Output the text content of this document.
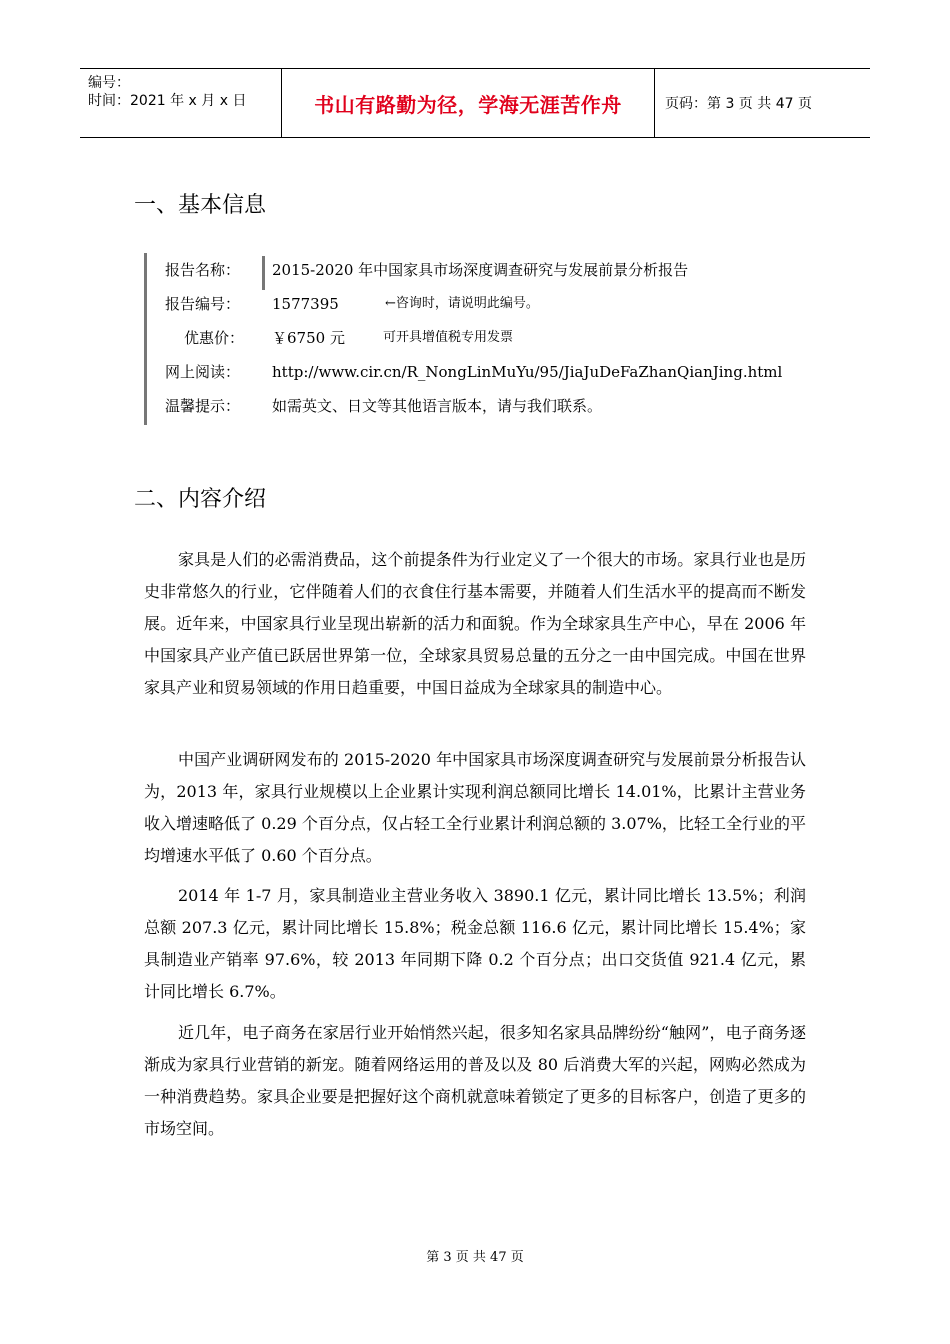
编号：
时间：2021 年 x 月 x 日	书山有路勤为径，学海无涯苦作舟	页码：第 3 页 共 47 页
一、基本信息
报告名称：	2015-2020 年中国家具市场深度调查研究与发展前景分析报告
报告编号：	1577395	←咨询时，请说明此编号。
优惠价：	￥6750 元	可开具增值税专用发票
网上阅读：	http://www.cir.cn/R_NongLinMuYu/95/JiaJuDeFaZhanQianJing.html
温馨提示：	如需英文、日文等其他语言版本，请与我们联系。
二、内容介绍

家具是人们的必需消费品，这个前提条件为行业定义了一个很大的市场。家具行业也是历史非常悠久的行业，它伴随着人们的衣食住行基本需要，并随着人们生活水平的提高而不断发展。近年来，中国家具行业呈现出崭新的活力和面貌。作为全球家具生产中心，早在 2006 年中国家具产业产值已跃居世界第一位，全球家具贸易总量的五分之一由中国完成。中国在世界家具产业和贸易领域的作用日趋重要，中国日益成为全球家具的制造中心。

中国产业调研网发布的 2015-2020 年中国家具市场深度调查研究与发展前景分析报告认为，2013 年，家具行业规模以上企业累计实现利润总额同比增长 14.01%，比累计主营业务收入增速略低了 0.29 个百分点，仅占轻工全行业累计利润总额的 3.07%，比轻工全行业的平均增速水平低了 0.60 个百分点。

2014 年 1-7 月，家具制造业主营业务收入 3890.1 亿元，累计同比增长 13.5%；利润总额 207.3 亿元，累计同比增长 15.8%；税金总额 116.6 亿元，累计同比增长 15.4%；家具制造业产销率 97.6%，较 2013 年同期下降 0.2 个百分点；出口交货值 921.4 亿元，累计同比增长 6.7%。

近几年，电子商务在家居行业开始悄然兴起，很多知名家具品牌纷纷“触网”，电子商务逐渐成为家具行业营销的新宠。随着网络运用的普及以及 80 后消费大军的兴起，网购必然成为一种消费趋势。家具企业要是把握好这个商机就意味着锁定了更多的目标客户，创造了更多的市场空间。

第 3 页 共 47 页
